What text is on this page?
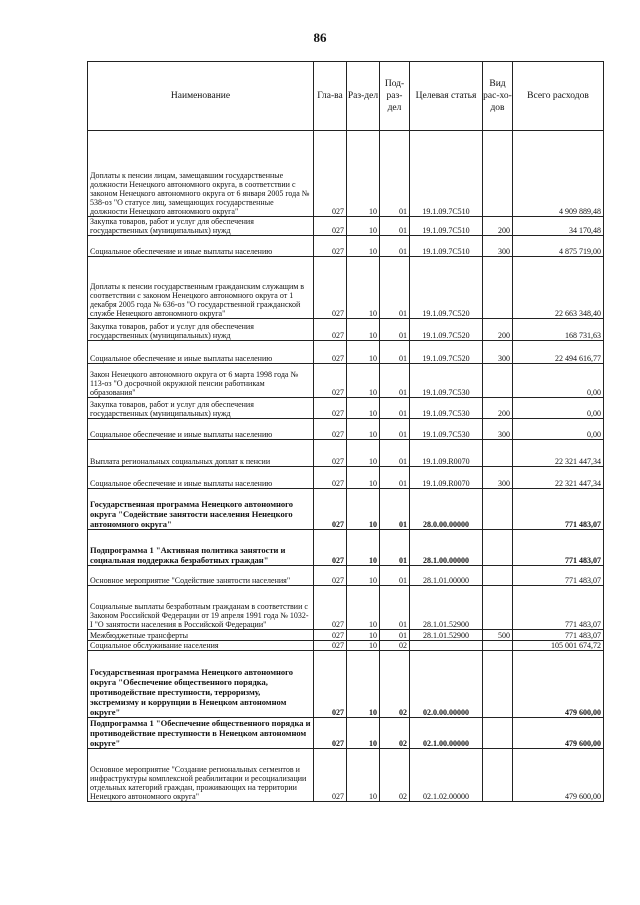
86
Наименование	Гла-ва	Раз-дел	Под-раз-дел	Целевая статья	Вид рас-хо-дов	Всего расходов
Доплаты к пенсии лицам, замещавшим государственные должности Ненецкого автономного округа, в соответствии с законом Ненецкого автономного округа от 6 января 2005 года № 538-оз "О статусе лиц, замещающих государственные должности Ненецкого автономного округа"	027	10	01	19.1.09.7С510		4 909 889,48
Закупка товаров, работ и услуг для обеспечения государственных (муниципальных) нужд	027	10	01	19.1.09.7С510	200	34 170,48
Социальное обеспечение и иные выплаты населению	027	10	01	19.1.09.7С510	300	4 875 719,00
Доплаты к пенсии государственным гражданским служащим в соответствии с законом Ненецкого автономного округа от 1 декабря 2005 года № 636-оз "О государственной гражданской службе Ненецкого автономного округа"	027	10	01	19.1.09.7С520		22 663 348,40
Закупка товаров, работ и услуг для обеспечения государственных (муниципальных) нужд	027	10	01	19.1.09.7С520	200	168 731,63
Социальное обеспечение и иные выплаты населению	027	10	01	19.1.09.7С520	300	22 494 616,77
Закон Ненецкого автономного округа от 6 марта 1998 года № 113-оз "О досрочной окружной пенсии работникам образования"	027	10	01	19.1.09.7С530		0,00
Закупка товаров, работ и услуг для обеспечения государственных (муниципальных) нужд	027	10	01	19.1.09.7С530	200	0,00
Социальное обеспечение и иные выплаты населению	027	10	01	19.1.09.7С530	300	0,00
Выплата региональных социальных доплат к пенсии	027	10	01	19.1.09.R0070		22 321 447,34
Социальное обеспечение и иные выплаты населению	027	10	01	19.1.09.R0070	300	22 321 447,34
Государственная программа Ненецкого автономного округа "Содействие занятости населения Ненецкого автономного округа"	027	10	01	28.0.00.00000		771 483,07
Подпрограмма 1 "Активная политика занятости и социальная поддержка безработных граждан"	027	10	01	28.1.00.00000		771 483,07
Основное мероприятие "Содействие занятости населения"	027	10	01	28.1.01.00000		771 483,07
Социальные выплаты безработным гражданам в соответствии с Законом Российской Федерации от 19 апреля 1991 года № 1032-I "О занятости населения в Российской Федерации"	027	10	01	28.1.01.52900		771 483,07
Межбюджетные трансферты	027	10	01	28.1.01.52900	500	771 483,07
Социальное обслуживание населения	027	10	02			105 001 674,72
Государственная программа Ненецкого автономного округа "Обеспечение общественного порядка, противодействие преступности, терроризму, экстремизму и коррупции в Ненецком автономном округе"	027	10	02	02.0.00.00000		479 600,00
Подпрограмма 1 "Обеспечение общественного порядка и противодействие преступности в Ненецком автономном округе"	027	10	02	02.1.00.00000		479 600,00
Основное мероприятие "Создание региональных сегментов и инфраструктуры комплексной реабилитации и ресоциализации отдельных категорий граждан, проживающих на территории Ненецкого автономного округа"	027	10	02	02.1.02.00000		479 600,00
